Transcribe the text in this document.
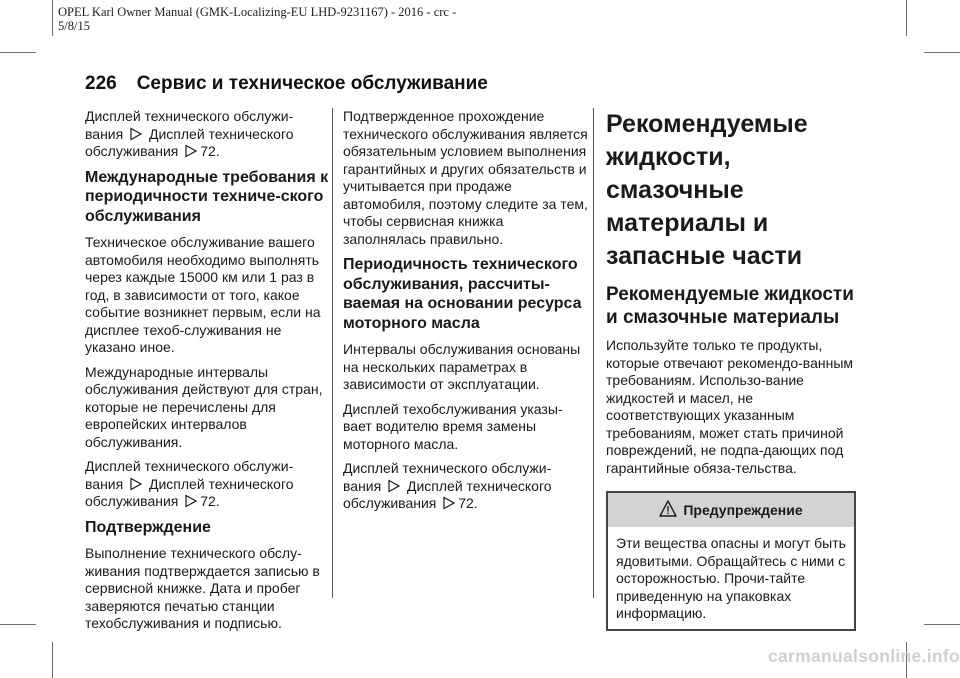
OPEL Karl Owner Manual (GMK-Localizing-EU LHD-9231167) - 2016 - crc -
5/8/15
226 Сервис и техническое обслуживание

Дисплей технического обслужи-вания Дисплей технического обслуживания 72.

Международные требования к периодичности техниче-ского обслуживания

Техническое обслуживание вашего автомобиля необходимо выполнять через каждые 15000 км или 1 раз в год, в зависимости от того, какое событие возникнет первым, если на дисплее техоб-служивания не указано иное.

Международные интервалы обслуживания действуют для стран, которые не перечислены для европейских интервалов обслуживания.

Дисплей технического обслужи-вания Дисплей технического обслуживания 72.

Подтверждение

Выполнение технического обслу-живания подтверждается записью в сервисной книжке. Дата и пробег заверяются печатью станции техобслуживания и подписью.

Подтвержденное прохождение технического обслуживания является обязательным условием выполнения гарантийных и других обязательств и учитывается при продаже автомобиля, поэтому следите за тем, чтобы сервисная книжка заполнялась правильно.

Периодичность технического обслуживания, рассчиты-ваемая на основании ресурса моторного масла

Интервалы обслуживания основаны на нескольких параметрах в зависимости от эксплуатации.

Дисплей техобслуживания указы-вает водителю время замены моторного масла.

Дисплей технического обслужи-вания Дисплей технического обслуживания 72.

Рекомендуемые жидкости, смазочные материалы и запасные части
Рекомендуемые жидкости и смазочные материалы

Используйте только те продукты, которые отвечают рекомендо-ванным требованиям. Использо-вание жидкостей и масел, не соответствующих указанным требованиям, может стать причиной повреждений, не подпа-дающих под гарантийные обяза-тельства.

Предупреждение

Эти вещества опасны и могут быть ядовитыми. Обращайтесь с ними с осторожностью. Прочи-тайте приведенную на упаковках информацию.

carmanualsonline.info
